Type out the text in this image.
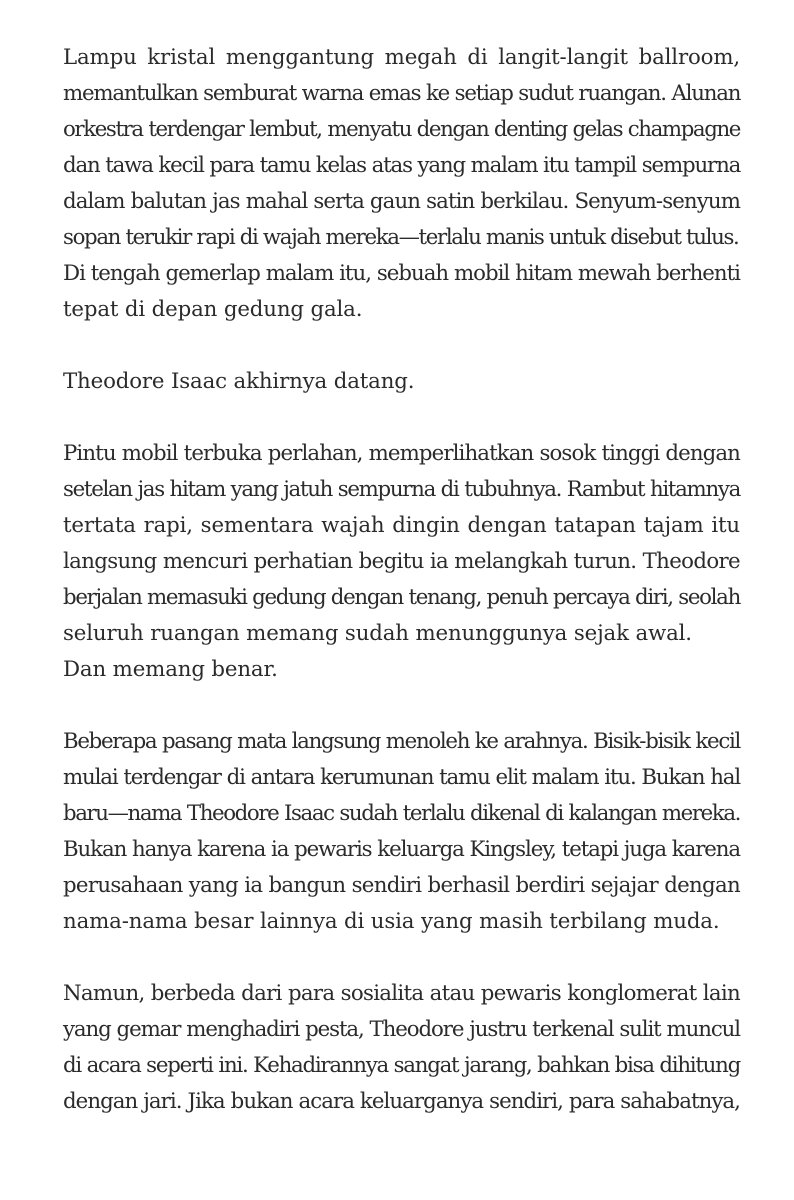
Lampu kristal menggantung megah di langit-langit ballroom,
memantulkan semburat warna emas ke setiap sudut ruangan. Alunan
orkestra terdengar lembut, menyatu dengan denting gelas champagne
dan tawa kecil para tamu kelas atas yang malam itu tampil sempurna
dalam balutan jas mahal serta gaun satin berkilau. Senyum-senyum
sopan terukir rapi di wajah mereka—terlalu manis untuk disebut tulus.
Di tengah gemerlap malam itu, sebuah mobil hitam mewah berhenti
tepat di depan gedung gala.
Theodore Isaac akhirnya datang.
Pintu mobil terbuka perlahan, memperlihatkan sosok tinggi dengan
setelan jas hitam yang jatuh sempurna di tubuhnya. Rambut hitamnya
tertata rapi, sementara wajah dingin dengan tatapan tajam itu
langsung mencuri perhatian begitu ia melangkah turun. Theodore
berjalan memasuki gedung dengan tenang, penuh percaya diri, seolah
seluruh ruangan memang sudah menunggunya sejak awal.
Dan memang benar.
Beberapa pasang mata langsung menoleh ke arahnya. Bisik-bisik kecil
mulai terdengar di antara kerumunan tamu elit malam itu. Bukan hal
baru—nama Theodore Isaac sudah terlalu dikenal di kalangan mereka.
Bukan hanya karena ia pewaris keluarga Kingsley, tetapi juga karena
perusahaan yang ia bangun sendiri berhasil berdiri sejajar dengan
nama-nama besar lainnya di usia yang masih terbilang muda.
Namun, berbeda dari para sosialita atau pewaris konglomerat lain
yang gemar menghadiri pesta, Theodore justru terkenal sulit muncul
di acara seperti ini. Kehadirannya sangat jarang, bahkan bisa dihitung
dengan jari. Jika bukan acara keluarganya sendiri, para sahabatnya,
